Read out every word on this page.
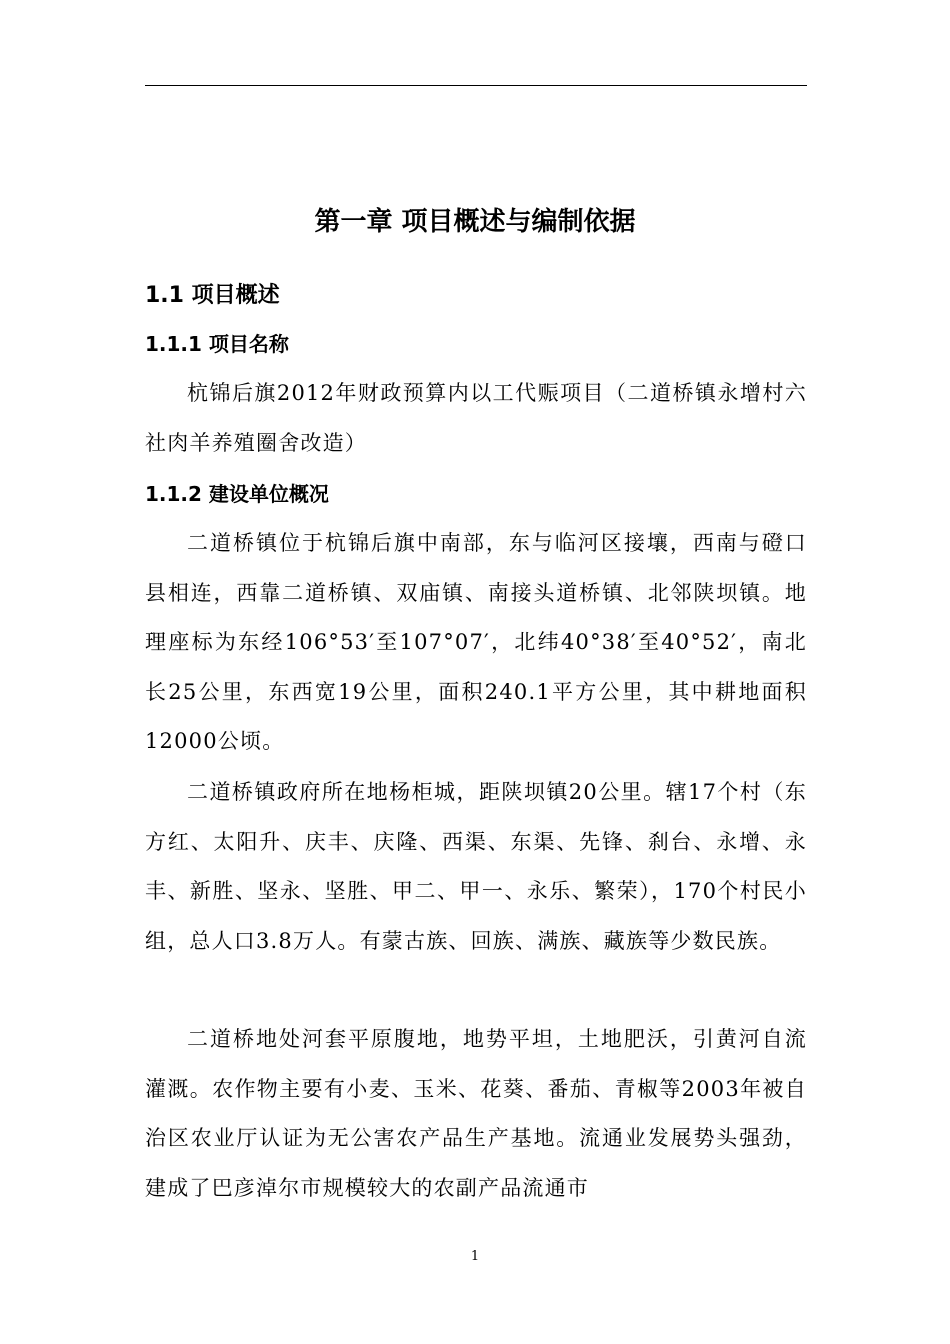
第一章 项目概述与编制依据
1.1 项目概述
1.1.1 项目名称

杭锦后旗2012年财政预算内以工代赈项目（二道桥镇永增村六社肉羊养殖圈舍改造）

1.1.2 建设单位概况

二道桥镇位于杭锦后旗中南部，东与临河区接壤，西南与磴口县相连，西靠二道桥镇、双庙镇、南接头道桥镇、北邻陕坝镇。地理座标为东经106°53′至107°07′，北纬40°38′至40°52′，南北长25公里，东西宽19公里，面积240.1平方公里，其中耕地面积12000公顷。

二道桥镇政府所在地杨柜城，距陕坝镇20公里。辖17个村（东方红、太阳升、庆丰、庆隆、西渠、东渠、先锋、刹台、永增、永丰、新胜、坚永、坚胜、甲二、甲一、永乐、繁荣），170个村民小组，总人口3.8万人。有蒙古族、回族、满族、藏族等少数民族。

二道桥地处河套平原腹地，地势平坦，土地肥沃，引黄河自流灌溉。农作物主要有小麦、玉米、花葵、番茄、青椒等2003年被自治区农业厅认证为无公害农产品生产基地。流通业发展势头强劲，建成了巴彦淖尔市规模较大的农副产品流通市

1
